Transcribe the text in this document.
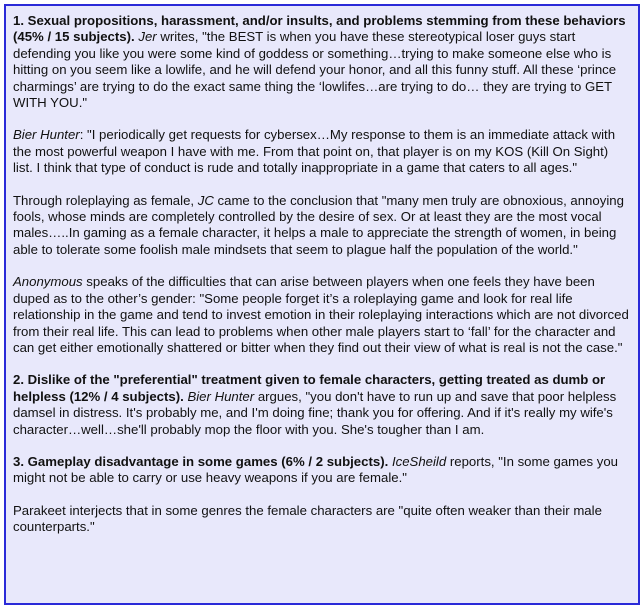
1. Sexual propositions, harassment, and/or insults, and problems stemming from these behaviors (45% / 15 subjects). Jer writes, "the BEST is when you have these stereotypical loser guys start defending you like you were some kind of goddess or something…trying to make someone else who is hitting on you seem like a lowlife, and he will defend your honor, and all this funny stuff. All these ‘prince charmings’ are trying to do the exact same thing the ‘lowlifes…are trying to do… they are trying to GET WITH YOU."

Bier Hunter: "I periodically get requests for cybersex…My response to them is an immediate attack with the most powerful weapon I have with me. From that point on, that player is on my KOS (Kill On Sight) list. I think that type of conduct is rude and totally inappropriate in a game that caters to all ages."

Through roleplaying as female, JC came to the conclusion that "many men truly are obnoxious, annoying fools, whose minds are completely controlled by the desire of sex. Or at least they are the most vocal males…..In gaming as a female character, it helps a male to appreciate the strength of women, in being able to tolerate some foolish male mindsets that seem to plague half the population of the world."

Anonymous speaks of the difficulties that can arise between players when one feels they have been duped as to the other’s gender: "Some people forget it’s a roleplaying game and look for real life relationship in the game and tend to invest emotion in their roleplaying interactions which are not divorced from their real life. This can lead to problems when other male players start to ‘fall’ for the character and can get either emotionally shattered or bitter when they find out their view of what is real is not the case."

2. Dislike of the "preferential" treatment given to female characters, getting treated as dumb or helpless (12% / 4 subjects). Bier Hunter argues, "you don't have to run up and save that poor helpless damsel in distress. It's probably me, and I'm doing fine; thank you for offering. And if it's really my wife's character…well…she'll probably mop the floor with you. She's tougher than I am.

3. Gameplay disadvantage in some games (6% / 2 subjects). IceSheild reports, "In some games you might not be able to carry or use heavy weapons if you are female."

Parakeet interjects that in some genres the female characters are "quite often weaker than their male counterparts."
